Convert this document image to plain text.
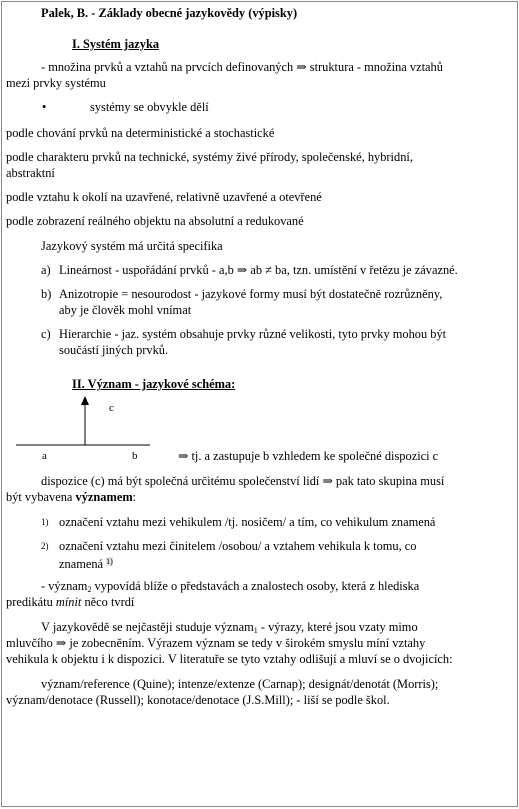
Palek, B. - Základy obecné jazykovědy (výpisky)
I. Systém jazyka
- množina prvků a vztahů na prvcích definovaných ⇒ struktura - množina vztahů
mezi prvky systému
•	systémy se obvykle dělí
podle chování prvků na deterministické a stochastické
podle charakteru prvků na technické, systémy živé přírody, společenské, hybridní,
abstraktní
podle vztahu k okolí na uzavřené, relativně uzavřené a otevřené
podle zobrazení reálného objektu na absolutní a redukované
Jazykový systém má určitá specifika
a) Lineárnost - uspořádání prvků - a,b ⇒ ab ≠ ba, tzn. umístění v řetězu je závazné.
b) Anizotropie = nesourodost - jazykové formy musí být dostatečně rozrůzněny,
aby je člověk mohl vnímat
c) Hierarchie - jaz. systém obsahuje prvky různé velikosti, tyto prvky mohou být
součástí jiných prvků.
II. Význam - jazykové schéma:
c
a	b	⇒ tj. a zastupuje b vzhledem ke společné dispozici c
dispozice (c) má být společná určitému společenství lidí ⇒ pak tato skupina musí
být vybavena významem:
1) označení vztahu mezi vehikulem /tj. nosičem/ a tím, co vehikulum znamená
2) označení vztahu mezi činitelem /osobou/ a vztahem vehikula k tomu, co
znamená $^{1)}$
- význam$_2$ vypovídá blíže o představách a znalostech osoby, která z hlediska
predikátu mínit něco tvrdí
V jazykovědě se nejčastěji studuje význam$_1$ - výrazy, které jsou vzaty mimo
mluvčího ⇒ je zobecněním. Výrazem význam se tedy v širokém smyslu míní vztahy
vehikula k objektu i k dispozici. V literatuře se tyto vztahy odlišují a mluví se o dvojicích:
význam/reference (Quine); intenze/extenze (Carnap); designát/denotát (Morris);
význam/denotace (Russell); konotace/denotace (J.S.Mill); - liší se podle škol.
